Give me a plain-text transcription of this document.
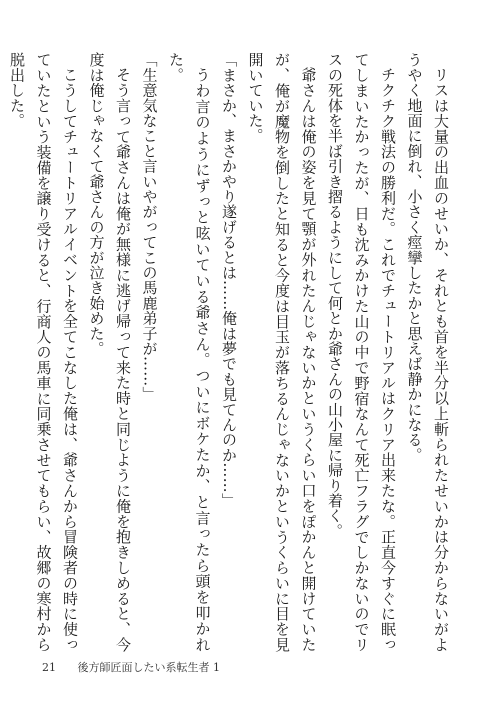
リスは大量の出血のせいか、それとも首を半分以上斬られたせいかは分からないがようやく地面に倒れ、小さく痙攣したかと思えば静かになる。

チクチク戦法の勝利だ。これでチュートリアルはクリア出来たな。正直今すぐに眠ってしまいたかったが、日も沈みかけた山の中で野宿なんて死亡フラグでしかないのでリスの死体を半ば引き摺るようにして何とか爺さんの山小屋に帰り着く。

爺さんは俺の姿を見て顎が外れたんじゃないかというくらい口をぽかんと開けていたが、俺が魔物を倒したと知ると今度は目玉が落ちるんじゃないかというくらいに目を見開いていた。

「まさか、まさかやり遂げるとは……俺は夢でも見てんのか……」

うわ言のようにずっと呟いている爺さん。ついにボケたか、と言ったら頭を叩かれた。

「生意気なこと言いやがってこの馬鹿弟子が……」

そう言って爺さんは俺が無様に逃げ帰って来た時と同じように俺を抱きしめると、今度は俺じゃなくて爺さんの方が泣き始めた。

こうしてチュートリアルイベントを全てこなした俺は、爺さんから冒険者の時に使っていたという装備を譲り受けると、行商人の馬車に同乗させてもらい、故郷の寒村から脱出した。

21 後方師匠面したい系転生者 1
